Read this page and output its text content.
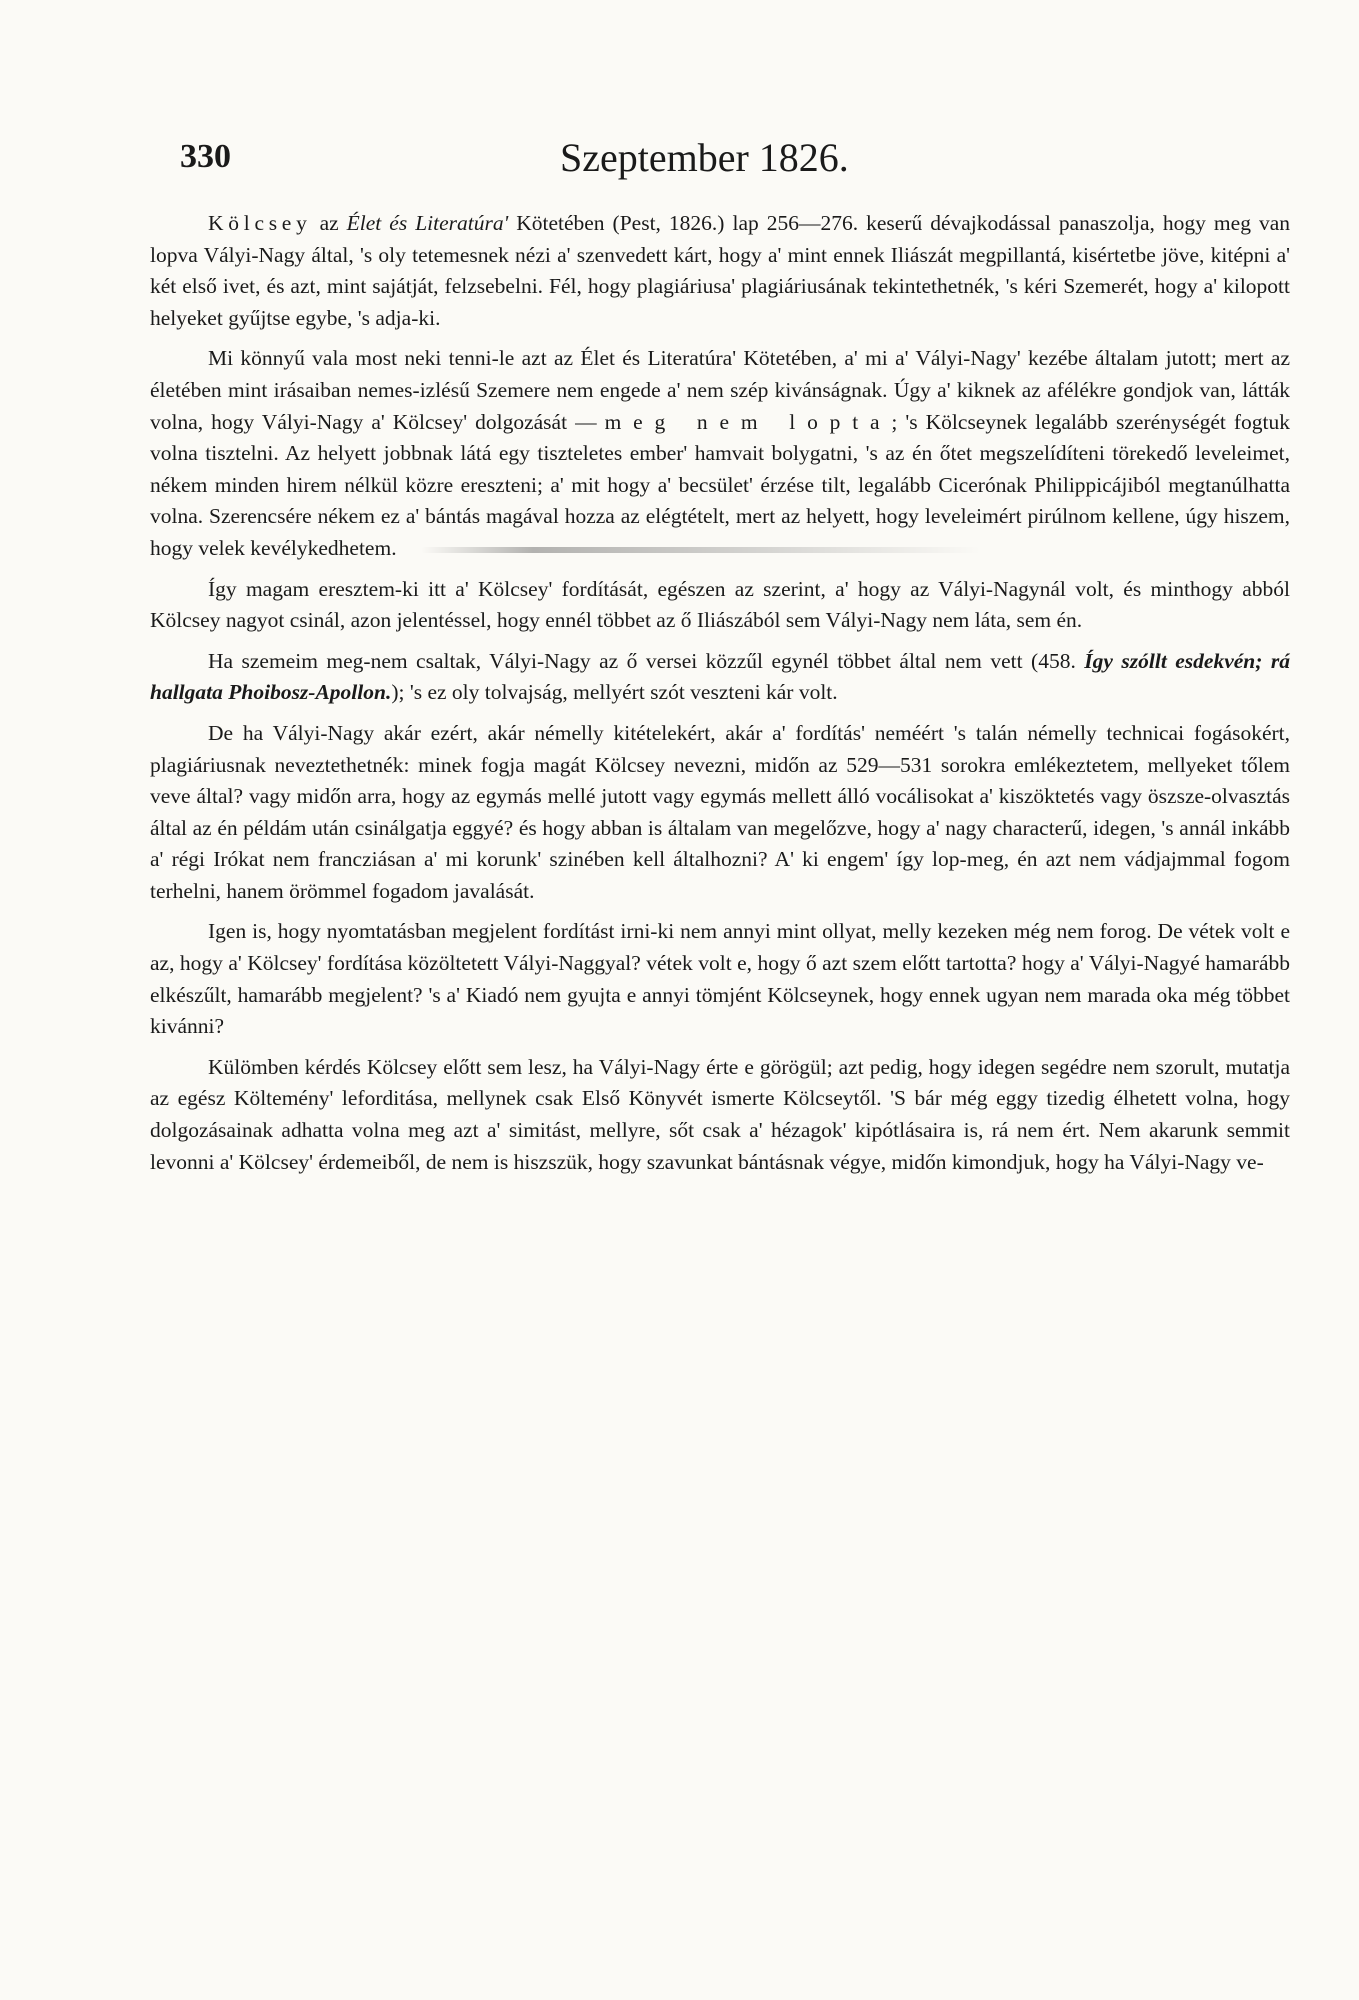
330	Szeptember 1826.

Kölcsey az Élet és Literatúra' Kötetében (Pest, 1826.) lap 256—276. keserű dévajkodással panaszolja, hogy meg van lopva Vályi-Nagy által, 's oly tetemesnek nézi a' szenvedett kárt, hogy a' mint ennek Iliászát megpillantá, kisértetbe jöve, kitépni a' két első ivet, és azt, mint sajátját, felzsebelni. Fél, hogy plagiáriusa' plagiáriusának tekintethetnék, 's kéri Szemerét, hogy a' kilopott helyeket gyűjtse egybe, 's adja-ki.

Mi könnyű vala most neki tenni-le azt az Élet és Literatúra' Kötetében, a' mi a' Vályi-Nagy' kezébe általam jutott; mert az életében mint irásaiban nemes-izlésű Szemere nem engede a' nem szép kivánságnak. Úgy a' kiknek az afélékre gondjok van, látták volna, hogy Vályi-Nagy a' Kölcsey' dolgozását — meg nem lopta; 's Kölcseynek legalább szerénységét fogtuk volna tisztelni. Az helyett jobbnak látá egy tiszteletes ember' hamvait bolygatni, 's az én őtet megszelídíteni törekedő leveleimet, nékem minden hirem nélkül közre ereszteni; a' mit hogy a' becsület' érzése tilt, legalább Cicerónak Philippicájiból megtanúlhatta volna. Szerencsére nékem ez a' bántás magával hozza az elégtételt, mert az helyett, hogy leveleimért pirúlnom kellene, úgy hiszem, hogy velek kevélykedhetem.

Így magam eresztem-ki itt a' Kölcsey' fordítását, egészen az szerint, a' hogy az Vályi-Nagynál volt, és minthogy abból Kölcsey nagyot csinál, azon jelentéssel, hogy ennél többet az ő Iliászából sem Vályi-Nagy nem láta, sem én.

Ha szemeim meg-nem csaltak, Vályi-Nagy az ő versei közzűl egynél többet által nem vett (458. Így szóllt esdekvén; rá hallgata Phoibosz-Apollon.); 's ez oly tolvajság, mellyért szót veszteni kár volt.

De ha Vályi-Nagy akár ezért, akár némelly kitételekért, akár a' fordítás' neméért 's talán némelly technicai fogásokért, plagiáriusnak neveztethetnék: minek fogja magát Kölcsey nevezni, midőn az 529—531 sorokra emlékeztetem, mellyeket tőlem veve által? vagy midőn arra, hogy az egymás mellé jutott vagy egymás mellett álló vocálisokat a' kiszöktetés vagy öszsze-olvasztás által az én példám után csinálgatja eggyé? és hogy abban is általam van megelőzve, hogy a' nagy characterű, idegen, 's annál inkább a' régi Irókat nem francziásan a' mi korunk' szinében kell általhozni? A' ki engem' így lop-meg, én azt nem vádjajmmal fogom terhelni, hanem örömmel fogadom javalását.

Igen is, hogy nyomtatásban megjelent fordítást irni-ki nem annyi mint ollyat, melly kezeken még nem forog. De vétek volt e az, hogy a' Kölcsey' fordítása közöltetett Vályi-Naggyal? vétek volt e, hogy ő azt szem előtt tartotta? hogy a' Vályi-Nagyé hamarább elkészűlt, hamarább megjelent? 's a' Kiadó nem gyujta e annyi tömjént Kölcseynek, hogy ennek ugyan nem marada oka még többet kivánni?

Külömben kérdés Kölcsey előtt sem lesz, ha Vályi-Nagy érte e görögül; azt pedig, hogy idegen segédre nem szorult, mutatja az egész Költemény' leforditása, mellynek csak Első Könyvét ismerte Kölcseytől. 'S bár még eggy tizedig élhetett volna, hogy dolgozásainak adhatta volna meg azt a' simitást, mellyre, sőt csak a' hézagok' kipótlásaira is, rá nem ért. Nem akarunk semmit levonni a' Kölcsey' érdemeiből, de nem is hiszszük, hogy szavunkat bántásnak végye, midőn kimondjuk, hogy ha Vályi-Nagy ve-
